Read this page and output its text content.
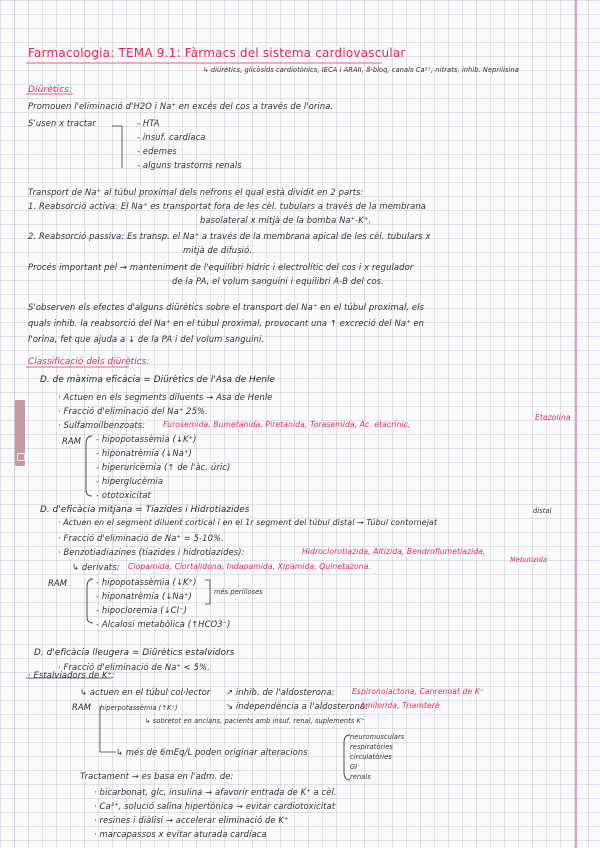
Farmacologia: TEMA 9.1: Fàrmacs del sistema cardiovascular
↳ diürètics, glicòsids cardiotònics, IECA i ARAII, ß-bloq, canals Ca²⁺, nitrats, inhib. Neprilisina
Diürètics:
Promouen l'eliminació d'H2O i Na⁺ en excés del cos a través de l'orina.
S'usen x tractar	- HTA
- insuf. cardíaca
- edemes
- alguns trastorns renals
Transport de Na⁺ al túbul proximal dels nefrons el qual està dividit en 2 parts:
1. Reabsorció activa: El Na⁺ es transportat fora de les cèl. tubulars a través de la membrana
basolateral x mitjà de la bomba Na⁺-K⁺.
2. Reabsorció passiva: Es transp. el Na⁺ a través de la membrana apical de les cèl. tubulars x
mitjà de difusió.
Procés important pel → manteniment de l'equilibri hídric i electrolític del cos i x regulador
de la PA, el volum sanguini i equilibri A-B del cos.
S'observen els efectes d'alguns diürètics sobre el transport del Na⁺ en el túbul proximal, els
quals inhib. la reabsorció del Na⁺ en el túbul proximal, provocant una ↑ excreció del Na⁺ en
l'orina, fet que ajuda a ↓ de la PA i del volum sanguini.
Classificació dels diürètics:
D. de màxima eficàcia = Diürètics de l'Asa de Henle
· Actuen en els segments diluents → Asa de Henle
· Fracció d'eliminació del Na⁺ 25%.
· Sulfamoilbenzoats: Furosemida, Bumetanida, Piretanida, Torasemida, Àc. etacrínic,
Etozolina
RAM - hipopotassèmia (↓K⁺)
- hiponatrèmia (↓Na⁺)
- hiperuricèmia (↑ de l'àc. úric)
- hiperglucèmia
- ototoxicitat
D. d'eficàcia mitjana = Tiazides i Hidrotiazides	distal
· Actuen en el segment diluent cortical i en el 1r segment del túbul distal → Túbul contornejat
· Fracció d'eliminació de Na⁺ = 5-10%.
· Benzotiadiazines (tiazides i hidrotiazides):	Hidroclorotiazida, Altizida, Bendroflumetiazida,
Mebutizida
↳ derivats: Clopamida, Clortalidona, Indapamida, Xipamida, Quinetazona.
RAM	- hipopotassèmia (↓K⁺)
- hiponatrèmia (↓Na⁺)
- hipocloremia (↓Cl⁻)
- Alcalosi metabòlica (↑HCO3⁻)
més perilloses
D. d'eficàcia lleugera = Diürètics estalvidors
· Fracció d'eliminació de Na⁺ < 5%.
· Estalviadors de K⁺:
↳ actuen en el túbul col·lector ↗ inhib. de l'aldosterona: Espironolactona, Canrenoat de K⁺
RAM hiperpotassèmia (↑K⁺)	↘ independència a l'aldosterona:
Amilorida, Triamterè
↳ sobretot en ancians, pacients amb insuf. renal, suplements K⁺
↳ més de 6mEq/L poden originar alteracions
neuromusculars
respiratòries
circulatòries
GI
renals
Tractament → es basa en l'adm. de:
· bicarbonat, glc, insulina → afavorir entrada de K⁺ a cèl.
· Ca²⁺, solució salina hipertònica → evitar cardiotoxicitat
· resines i diàlisi → accelerar eliminació de K⁺
· marcapassos x evitar aturada cardíaca
